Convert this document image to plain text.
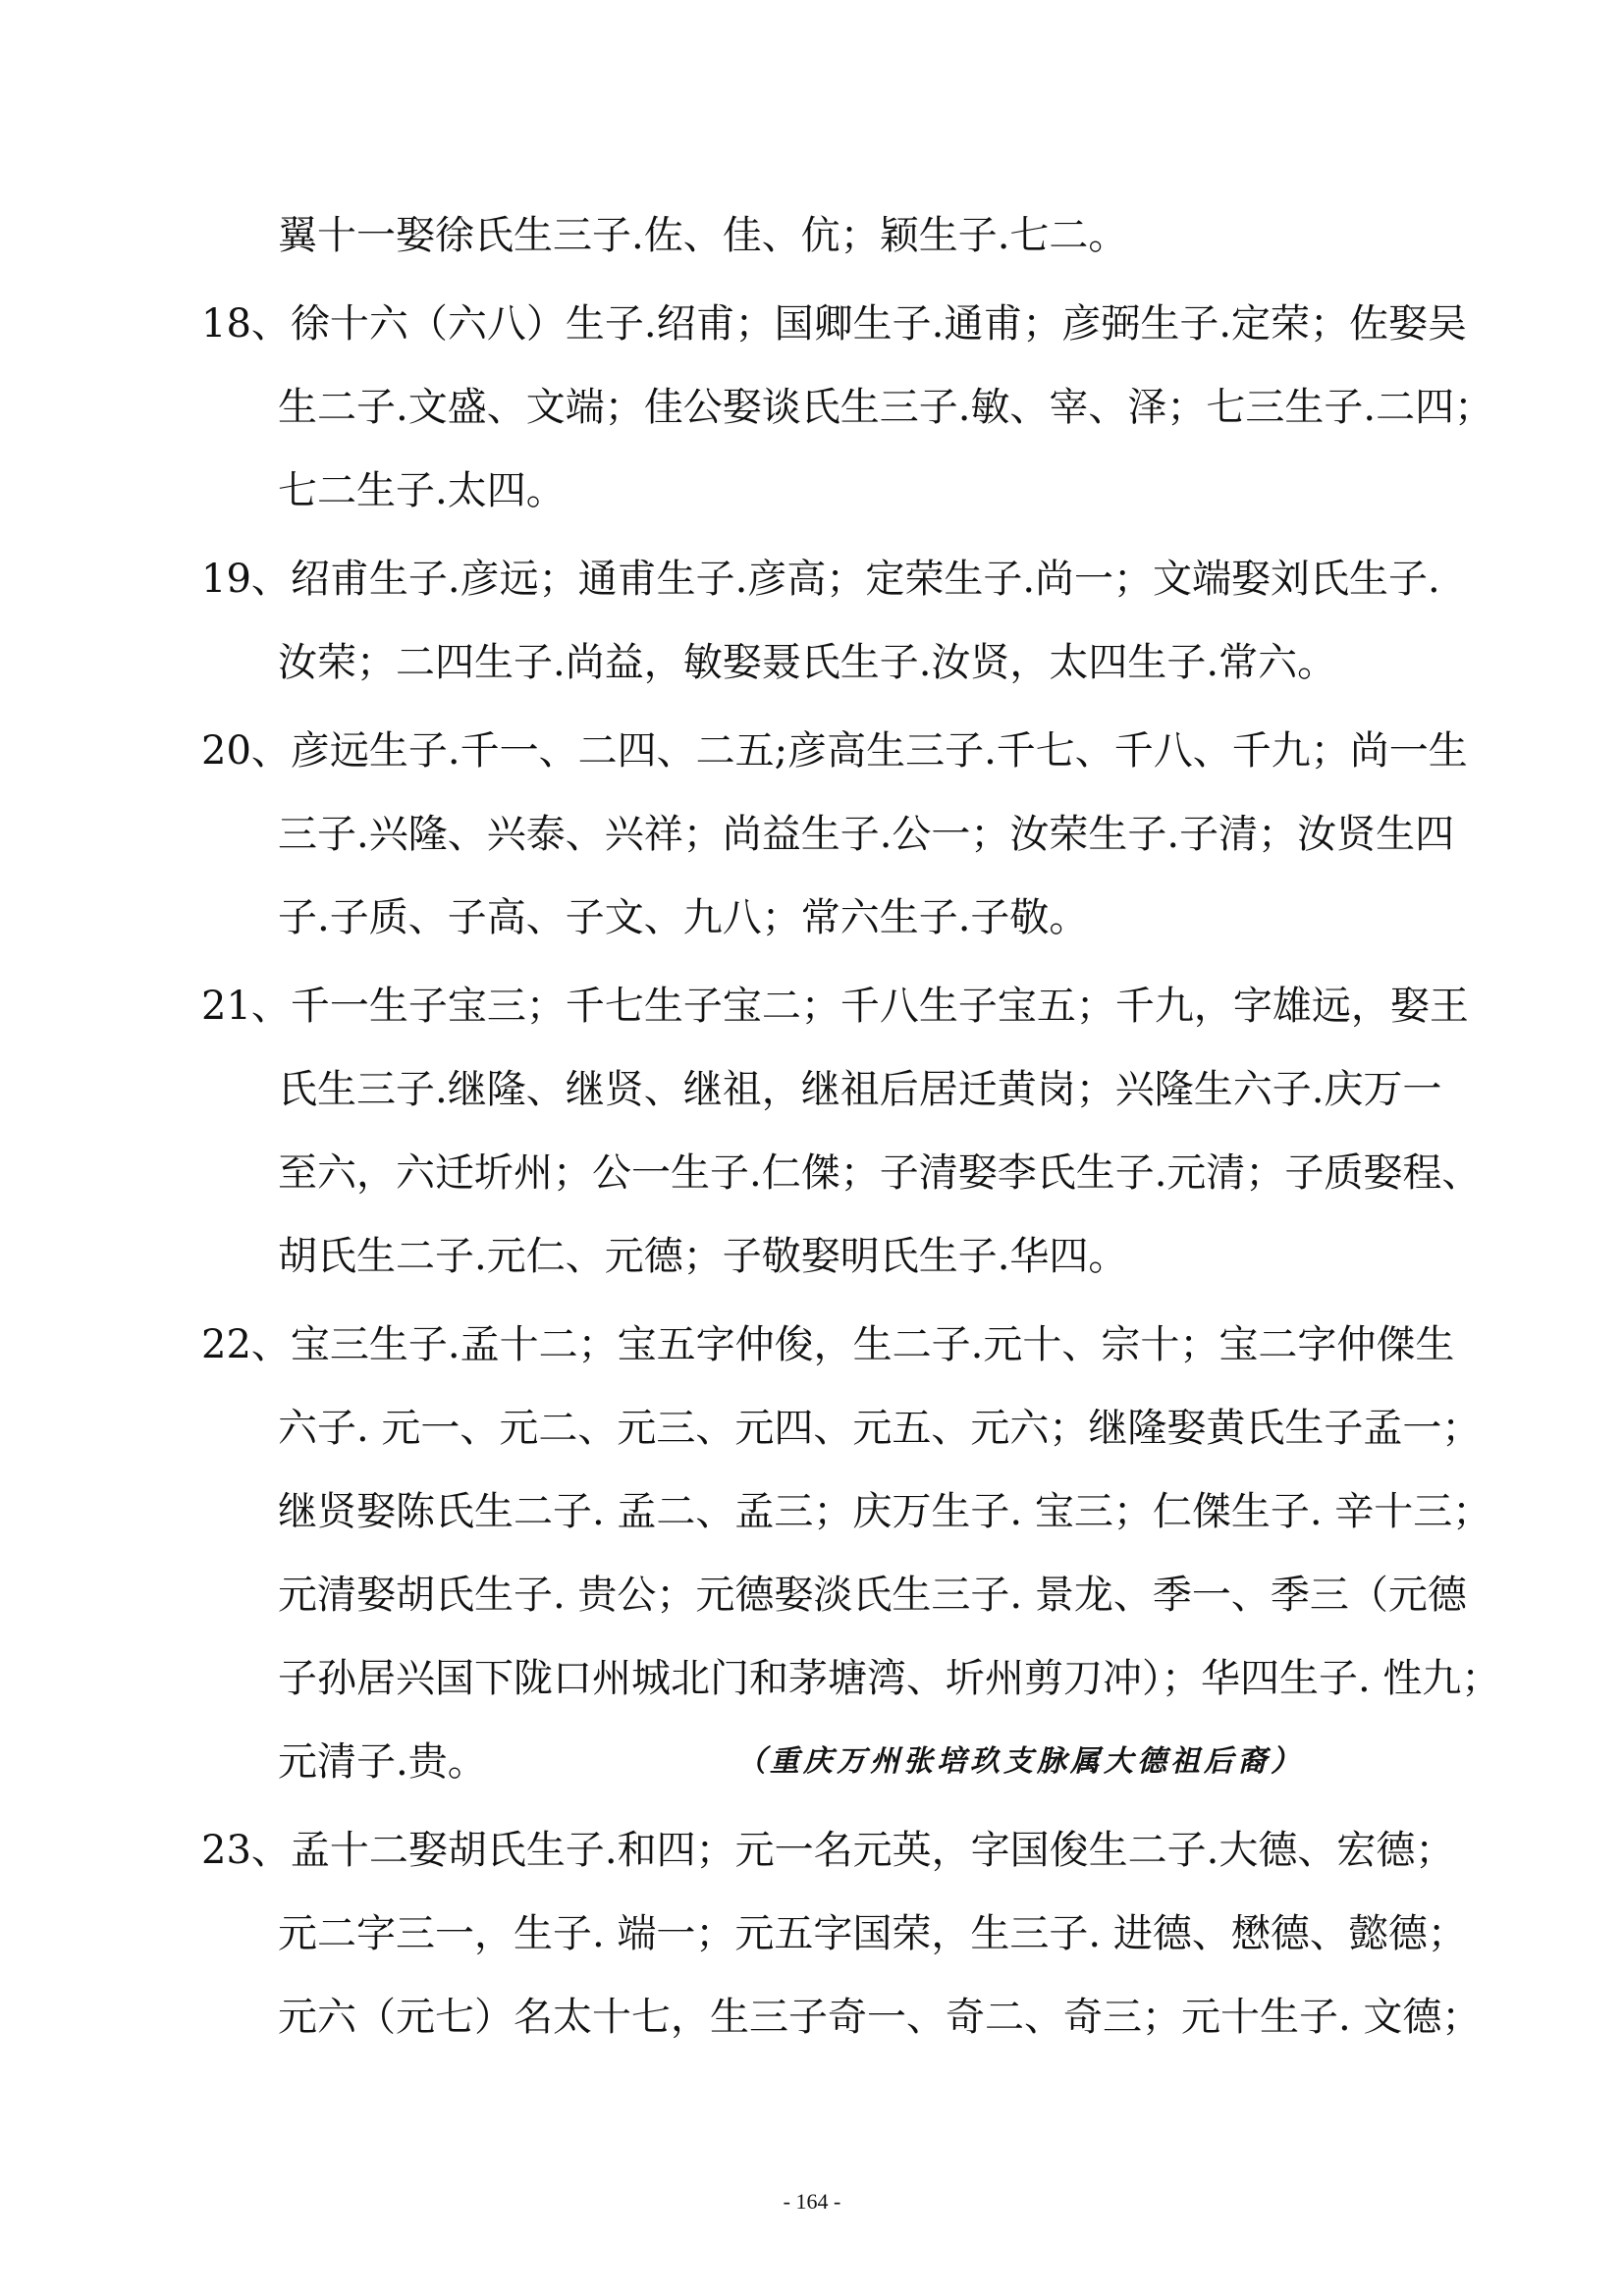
翼十一娶徐氏生三子.佐、佳、伉；颖生子.七二。
18、徐十六（六八）生子.绍甫；国卿生子.通甫；彦弼生子.定荣；佐娶吴
生二子.文盛、文端；佳公娶谈氏生三子.敏、宰、泽；七三生子.二四；
七二生子.太四。
19、绍甫生子.彦远；通甫生子.彦高；定荣生子.尚一；文端娶刘氏生子.
汝荣；二四生子.尚益，敏娶聂氏生子.汝贤，太四生子.常六。
20、彦远生子.千一、二四、二五;彦高生三子.千七、千八、千九；尚一生
三子.兴隆、兴泰、兴祥；尚益生子.公一；汝荣生子.子清；汝贤生四
子.子质、子高、子文、九八；常六生子.子敬。
21、千一生子宝三；千七生子宝二；千八生子宝五；千九，字雄远，娶王
氏生三子.继隆、继贤、继祖，继祖后居迁黄岗；兴隆生六子.庆万一
至六，六迁圻州；公一生子.仁傑；子清娶李氏生子.元清；子质娶程、
胡氏生二子.元仁、元德；子敬娶明氏生子.华四。
22、宝三生子.孟十二；宝五字仲俊，生二子.元十、宗十；宝二字仲傑生
六子. 元一、元二、元三、元四、元五、元六；继隆娶黄氏生子孟一；
继贤娶陈氏生二子. 孟二、孟三；庆万生子. 宝三；仁傑生子. 辛十三；
元清娶胡氏生子. 贵公；元德娶淡氏生三子. 景龙、季一、季三（元德
子孙居兴国下陇口州城北门和茅塘湾、圻州剪刀冲）；华四生子. 性九；
元清子.贵。	（重庆万州张培玖支脉属大德祖后裔）
23、孟十二娶胡氏生子.和四；元一名元英，字国俊生二子.大德、宏德；
元二字三一，生子. 端一；元五字国荣，生三子. 进德、懋德、懿德；
元六（元七）名太十七，生三子奇一、奇二、奇三；元十生子. 文德；
- 164 -
